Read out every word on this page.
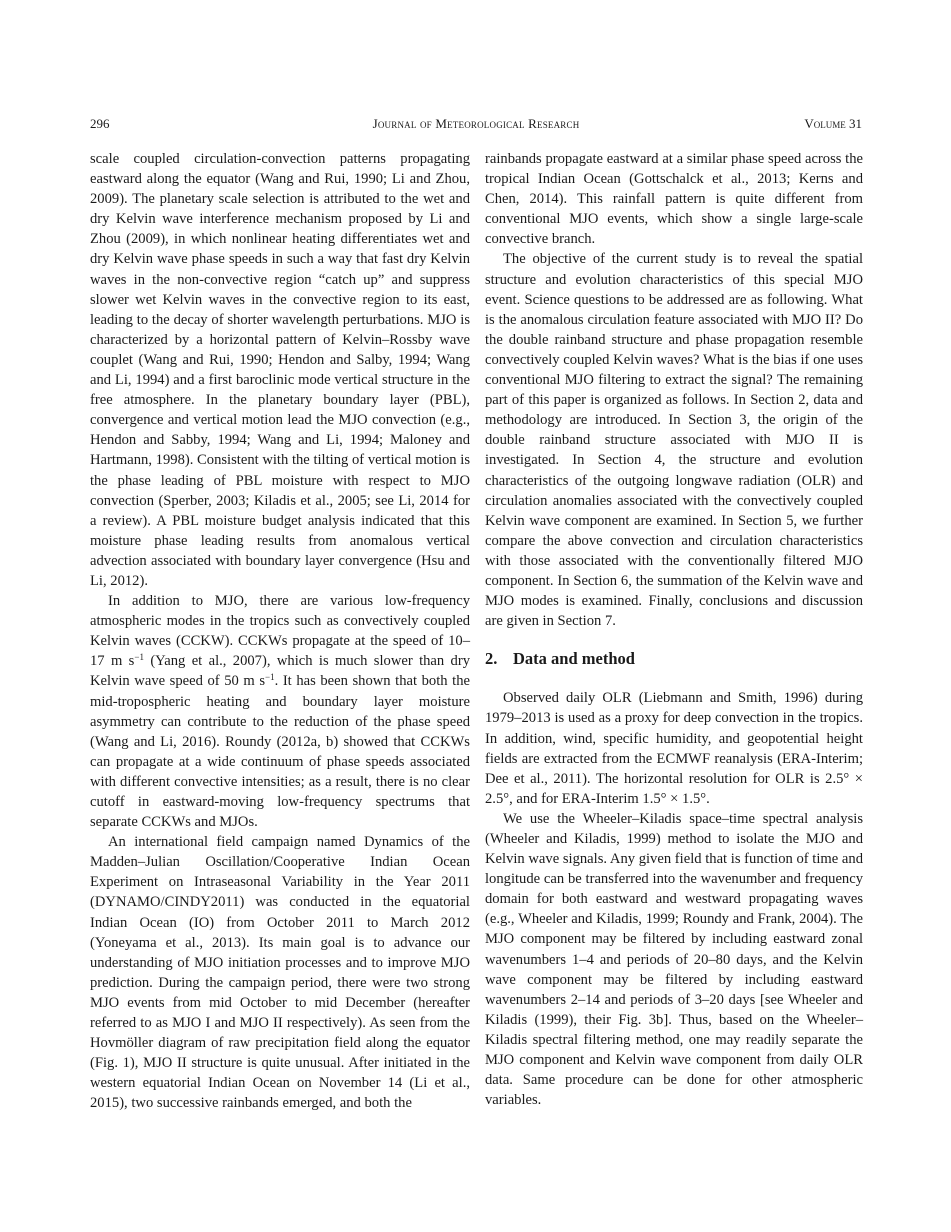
296	Journal of Meteorological Research	Volume 31

scale coupled circulation-convection patterns propagating eastward along the equator (Wang and Rui, 1990; Li and Zhou, 2009). The planetary scale selection is attributed to the wet and dry Kelvin wave interference mechanism proposed by Li and Zhou (2009), in which nonlinear heating differentiates wet and dry Kelvin wave phase speeds in such a way that fast dry Kelvin waves in the non-convective region “catch up” and suppress slower wet Kelvin waves in the convective region to its east, leading to the decay of shorter wavelength perturbations. MJO is characterized by a horizontal pattern of Kelvin–Rossby wave couplet (Wang and Rui, 1990; Hendon and Salby, 1994; Wang and Li, 1994) and a first baroclinic mode vertical structure in the free atmosphere. In the planetary boundary layer (PBL), convergence and vertical motion lead the MJO convection (e.g., Hendon and Sabby, 1994; Wang and Li, 1994; Maloney and Hartmann, 1998). Consistent with the tilting of vertical motion is the phase leading of PBL moisture with respect to MJO convection (Sperber, 2003; Kiladis et al., 2005; see Li, 2014 for a review). A PBL moisture budget analysis indicated that this moisture phase leading results from anomalous vertical advection associated with boundary layer convergence (Hsu and Li, 2012).

In addition to MJO, there are various low-frequency atmospheric modes in the tropics such as convectively coupled Kelvin waves (CCKW). CCKWs propagate at the speed of 10–17 m $s^{-1}$ (Yang et al., 2007), which is much slower than dry Kelvin wave speed of 50 m $s^{-1}$. It has been shown that both the mid-tropospheric heating and boundary layer moisture asymmetry can contribute to the reduction of the phase speed (Wang and Li, 2016). Roundy (2012a, b) showed that CCKWs can propagate at a wide continuum of phase speeds associated with different convective intensities; as a result, there is no clear cutoff in eastward-moving low-frequency spectrums that separate CCKWs and MJOs.

An international field campaign named Dynamics of the Madden–Julian Oscillation/Cooperative Indian Ocean Experiment on Intraseasonal Variability in the Year 2011 (DYNAMO/CINDY2011) was conducted in the equatorial Indian Ocean (IO) from October 2011 to March 2012 (Yoneyama et al., 2013). Its main goal is to advance our understanding of MJO initiation processes and to improve MJO prediction. During the campaign period, there were two strong MJO events from mid October to mid December (hereafter referred to as MJO I and MJO II respectively). As seen from the Hovmöller diagram of raw precipitation field along the equator (Fig. 1), MJO II structure is quite unusual. After initiated in the western equatorial Indian Ocean on November 14 (Li et al., 2015), two successive rainbands emerged, and both the

rainbands propagate eastward at a similar phase speed across the tropical Indian Ocean (Gottschalck et al., 2013; Kerns and Chen, 2014). This rainfall pattern is quite different from conventional MJO events, which show a single large-scale convective branch.

The objective of the current study is to reveal the spatial structure and evolution characteristics of this special MJO event. Science questions to be addressed are as following. What is the anomalous circulation feature associated with MJO II? Do the double rainband structure and phase propagation resemble convectively coupled Kelvin waves? What is the bias if one uses conventional MJO filtering to extract the signal? The remaining part of this paper is organized as follows. In Section 2, data and methodology are introduced. In Section 3, the origin of the double rainband structure associated with MJO II is investigated. In Section 4, the structure and evolution characteristics of the outgoing longwave radiation (OLR) and circulation anomalies associated with the convectively coupled Kelvin wave component are examined. In Section 5, we further compare the above convection and circulation characteristics with those associated with the conventionally filtered MJO component. In Section 6, the summation of the Kelvin wave and MJO modes is examined. Finally, conclusions and discussion are given in Section 7.

2. Data and method

Observed daily OLR (Liebmann and Smith, 1996) during 1979–2013 is used as a proxy for deep convection in the tropics. In addition, wind, specific humidity, and geopotential height fields are extracted from the ECMWF reanalysis (ERA-Interim; Dee et al., 2011). The horizontal resolution for OLR is 2.5° × 2.5°, and for ERA-Interim 1.5° × 1.5°.

We use the Wheeler–Kiladis space–time spectral analysis (Wheeler and Kiladis, 1999) method to isolate the MJO and Kelvin wave signals. Any given field that is function of time and longitude can be transferred into the wavenumber and frequency domain for both eastward and westward propagating waves (e.g., Wheeler and Kiladis, 1999; Roundy and Frank, 2004). The MJO component may be filtered by including eastward zonal wavenumbers 1–4 and periods of 20–80 days, and the Kelvin wave component may be filtered by including eastward wavenumbers 2–14 and periods of 3–20 days [see Wheeler and Kiladis (1999), their Fig. 3b]. Thus, based on the Wheeler–Kiladis spectral filtering method, one may readily separate the MJO component and Kelvin wave component from daily OLR data. Same procedure can be done for other atmospheric variables.
